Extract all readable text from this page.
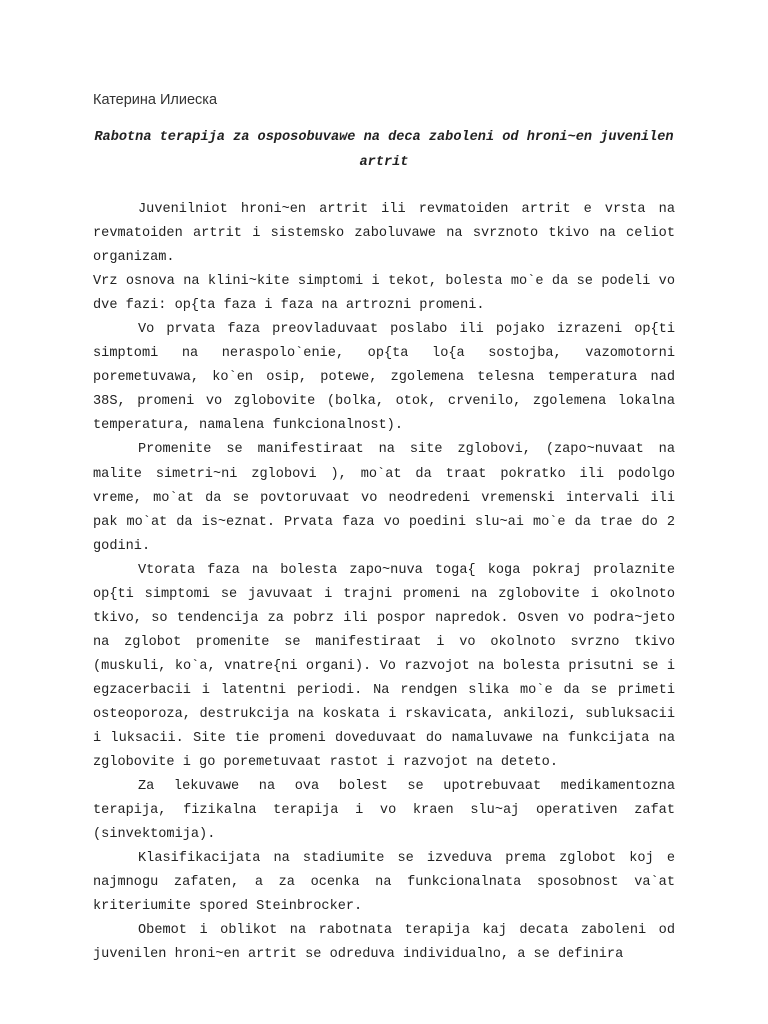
Катерина Илиеска

Rabotna terapija za osposobuvawe na deca zaboleni od hroni~en juvenilen artrit

Juvenilniot hroni~en artrit ili revmatoiden artrit e vrsta na revmatoiden artrit i sistemsko zaboluvawe na svrznoto tkivo na celiot organizam.

Vrz osnova na klini~kite simptomi i tekot, bolesta mo`e da se podeli vo dve fazi: op{ta faza i faza na artrozni promeni.

Vo prvata faza preovladuvaat poslabo ili pojako izrazeni op{ti simptomi na neraspolo`enie, op{ta lo{a sostojba, vazomotorni poremetuvawa, ko`en osip, potewe, zgolemena telesna temperatura nad 38S, promeni vo zglobovite (bolka, otok, crvenilo, zgolemena lokalna temperatura, namalena funkcionalnost).

Promenite se manifestiraat na site zglobovi, (zapo~nuvaat na malite simetri~ni zglobovi ), mo`at da traat pokratko ili podolgo vreme, mo`at da se povtoruvaat vo neodredeni vremenski intervali ili pak mo`at da is~eznat. Prvata faza vo poedini slu~ai mo`e da trae do 2 godini.

Vtorata faza na bolesta zapo~nuva toga{ koga pokraj prolaznite op{ti simptomi se javuvaat i trajni promeni na zglobovite i okolnoto tkivo, so tendencija za pobrz ili pospor napredok. Osven vo podra~jeto na zglobot promenite se manifestiraat i vo okolnoto svrzno tkivo (muskuli, ko`a, vnatre{ni organi). Vo razvojot na bolesta prisutni se i egzacerbacii i latentni periodi. Na rendgen slika mo`e da se primeti osteoporoza, destrukcija na koskata i rskavicata, ankilozi, subluksacii i luksacii. Site tie promeni doveduvaat do namaluvawe na funkcijata na zglobovite i go poremetuvaat rastot i razvojot na deteto.

Za lekuvawe na ova bolest se upotrebuvaat medikamentozna terapija, fizikalna terapija i vo kraen slu~aj operativen zafat (sinvektomija).

Klasifikacijata na stadiumite se izveduva prema zglobot koj e najmnogu zafaten, a za ocenka na funkcionalnata sposobnost va`at kriteriumite spored Steinbrocker.

Obemot i oblikot na rabotnata terapija kaj decata zaboleni od juvenilen hroni~en artrit se odreduva individualno, a se definira
